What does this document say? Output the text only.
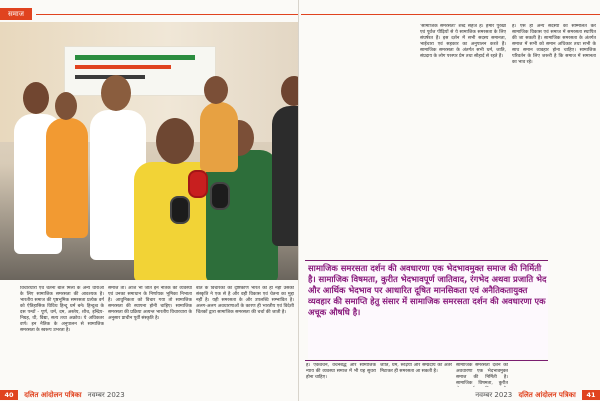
समाज
विचारधारा एवं चेतना बाल मिला के अन्य धाराओं के लिए सामाजिक समरसता की आवश्यक है। भारतीय समाज की पृष्ठभूमिक समरसता प्रत्येक वर्ग को ऐतिहासिक विविध हिन्दू धर्म बने। हिन्दुत्व के दस पन्थों - पूर्ण, धर्म, दम, अस्तेय, शौच, इन्द्रिय-निग्रह, धी, विद्या, सत्य तथा अक्रोध। ये अधिकतर वर्ण। इन नैतिक के अनुपालन से सामाजिक समरसता के स्वरूप उभरता है।
समाज तो। आज भी जीत इन नैतिक को व्यवस्था एवं उनका समाधान के निर्णायक भूमिका निभाता है। आधुनिकता को विचार गया तो सामाजिक समरसता की स्थापना होनी चाहिए। सामाजिक समरसता की प्रक्रिया अत्यन्त भारतीय विचारधारा के अनुसार प्राचीन पूर्वी संस्कृति है।
बातें के विचारकों का दृष्टिकोण भारत को ही नहीं उसकी संस्कृति ने एक से है और वही विकास एवं चेतना का मुद्दा नहीं है। यही समरसता के और उपलब्धि सम्भावित है। अलग-अलग अवधारणाओं के कारण ही भारतीय एवं विदेशी चिंतकों द्वारा सामाजिक समरसता की चर्चा की जाती है।
40 दलित आंदोलन पत्रिका नवम्बर 2023
'सामाजिक समरसता' शब्द सहज है। हमारे पुरखा एवं पूर्वज पीढ़ियों से ये सामाजिक समरसता के लिए संघर्षरत हैं। इस दर्शन में सभी सदस्य समानता, भाईचारा एवं सहकार का अनुपालन करते हैं। सामाजिक समरसता के अंतर्गत सभी धर्म, जाति, संप्रदाय के लोग परस्पर प्रेम तथा सौहार्द से रहते हैं।
है। ऐसे ही अन्य सदस्यों को सम्मिलित कर सामाजिक विकास एवं समाज में समरसता स्थापित की जा सकती है। सामाजिक समरसता के अंतर्गत समाज में सभी को समान अधिकार तथा सभी के साथ समान व्यवहार होना चाहिए। सामाजिक परिवर्तन के लिए जरूरी है कि समाज में समानता का भाव रहे।
सामाजिक समरसता दर्शन की अवधारणा एक भेदभावमुक्त समाज की निर्मिती है। सामाजिक विषमता, कुरीत भेदभावपूर्ण जातिवाद, रंगभेद अथवा प्रजाति भेद और आर्थिक भेदभाव पर आधारित दूषित मानसिकता एवं अनैतिकतायुक्त व्यवहार की समाप्ति हेतु संसार में सामाजिक समरसता दर्शन की अवधारणा एक अचूक औषधि है।
है। एकवचन, वचनबद्ध और सामाजिक न्याय की व्यवस्था समाज में भी यह सुधरा होना चाहिए।
जाति, धर्म, रूढ़ियाँ और सम्प्रदाय का अंतर मिटाकर ही समरसता आ सकती है।
सामाजिक समरसता दर्शन की अवधारणा एक भेदभावमुक्त समाज की निर्मिती है। सामाजिक विषमता, कुरीत
नवम्बर 2023 दलित आंदोलन पत्रिका 41
